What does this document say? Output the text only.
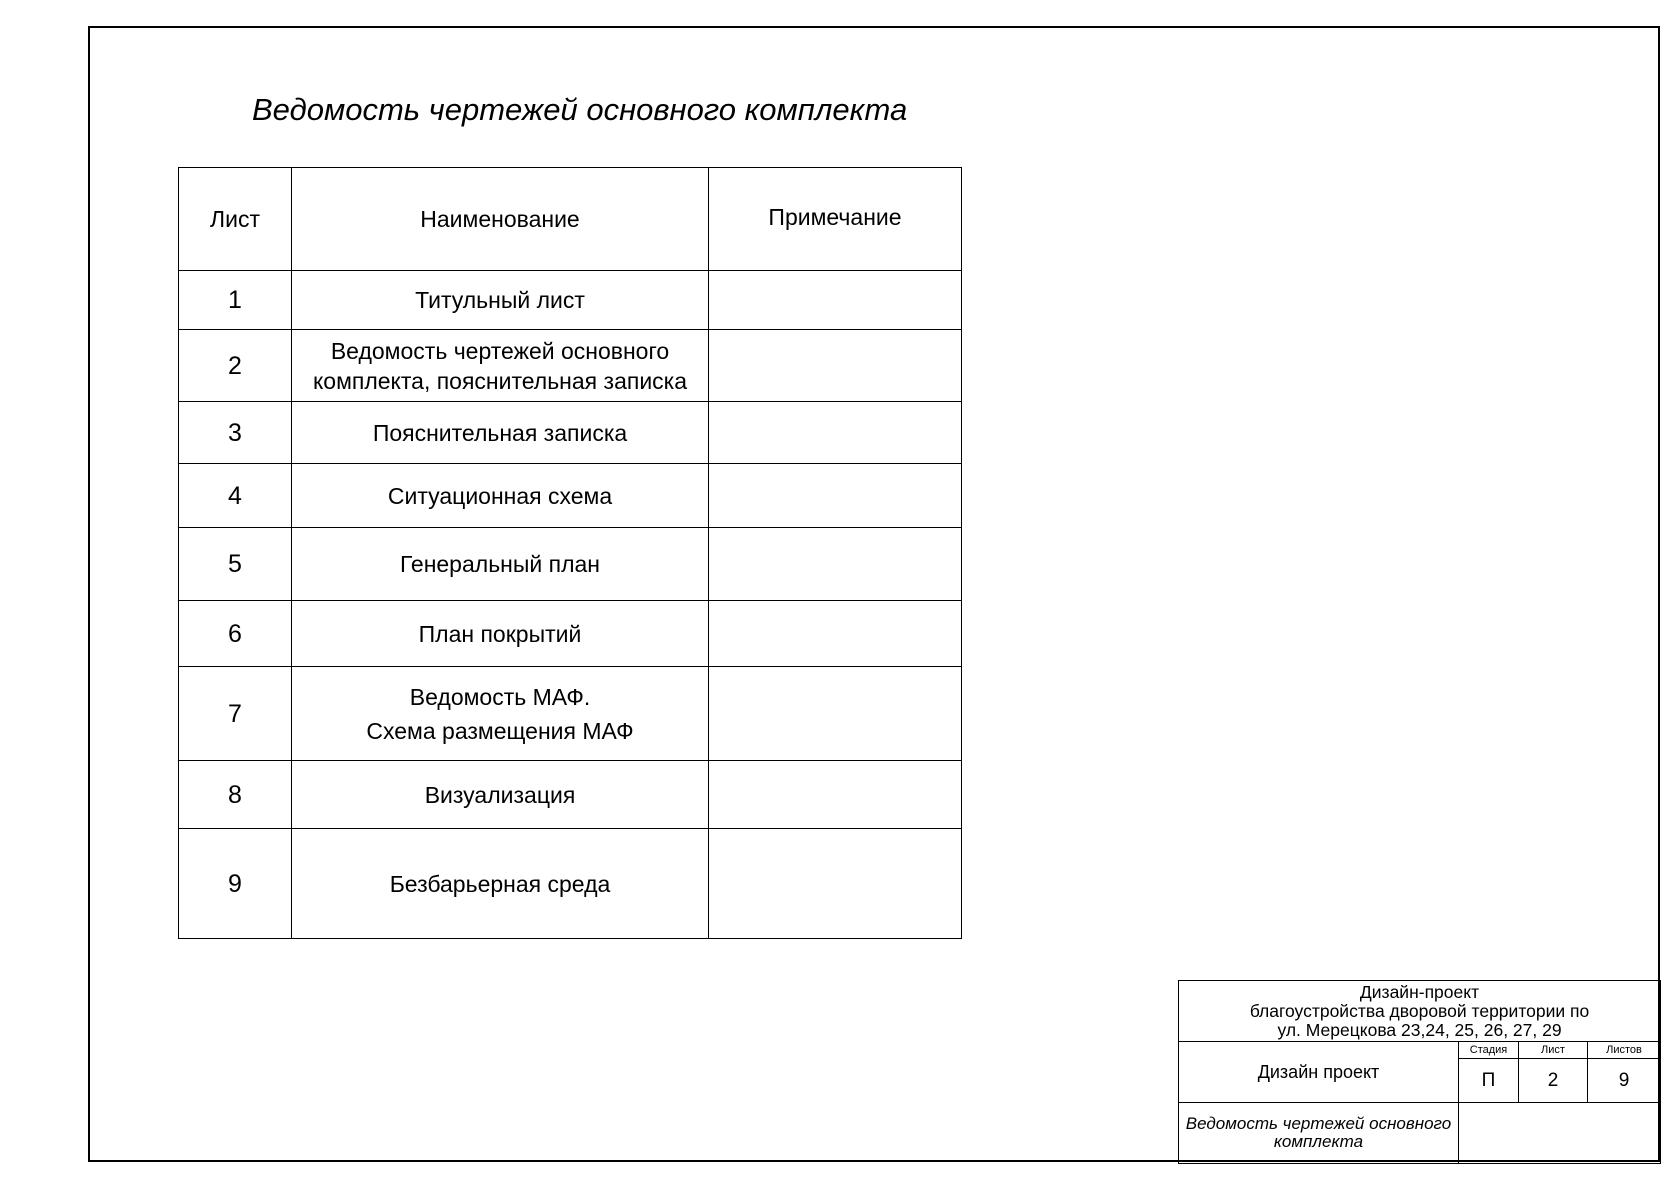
Ведомость чертежей основного комплекта
Лист	Наименование	Примечание
1	Титульный лист	

2	Ведомость чертежей основного
комплекта, пояснительная записка	

3	Пояснительная записка	

4	Ситуационная схема	

5	Генеральный план	

6	План покрытий	

7	Ведомость МАФ.
Схема размещения МАФ	

8	Визуализация	

9	Безбарьерная среда	

Дизайн-проект
благоустройства дворовой территории по
ул. Мерецкова 23,24, 25, 26, 27, 29			

Дизайн проект	Стадия	Лист	Листов
	П	2	9

Ведомость чертежей основного
комплекта			
